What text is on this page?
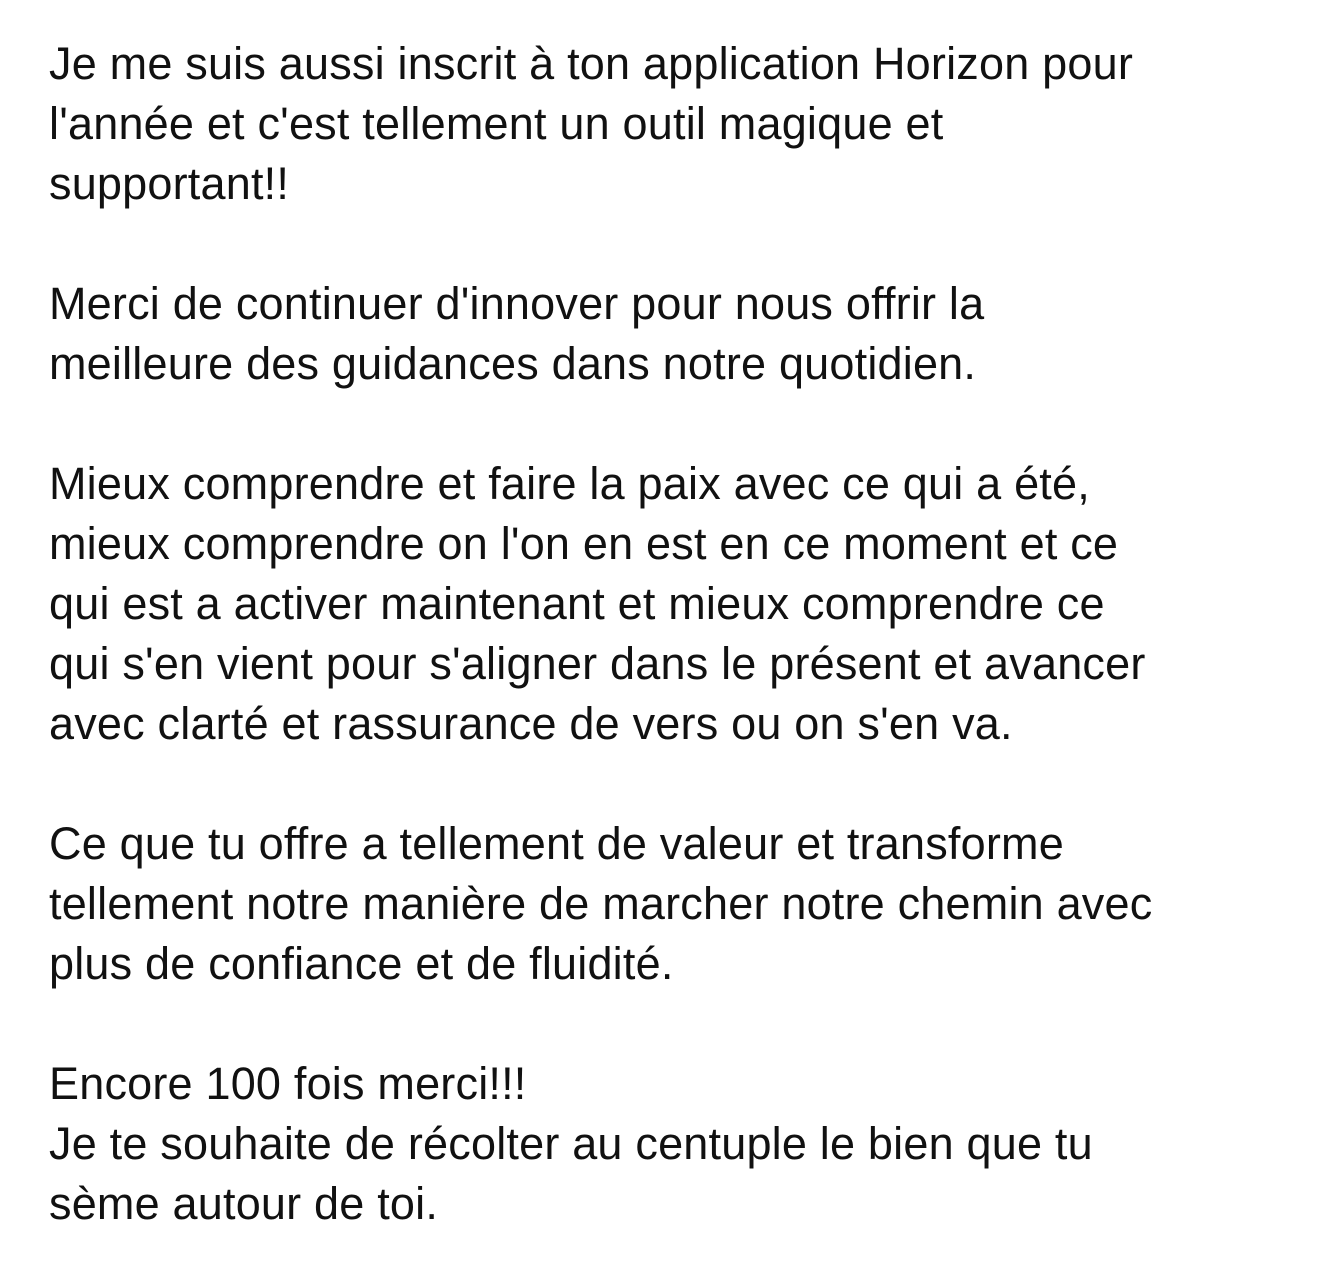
Je me suis aussi inscrit à ton application Horizon pour
l'année et c'est tellement un outil magique et
supportant!!
Merci de continuer d'innover pour nous offrir la
meilleure des guidances dans notre quotidien.
Mieux comprendre et faire la paix avec ce qui a été,
mieux comprendre on l'on en est en ce moment et ce
qui est a activer maintenant et mieux comprendre ce
qui s'en vient pour s'aligner dans le présent et avancer
avec clarté et rassurance de vers ou on s'en va.
Ce que tu offre a tellement de valeur et transforme
tellement notre manière de marcher notre chemin avec
plus de confiance et de fluidité.
Encore 100 fois merci!!!
Je te souhaite de récolter au centuple le bien que tu
sème autour de toi.
